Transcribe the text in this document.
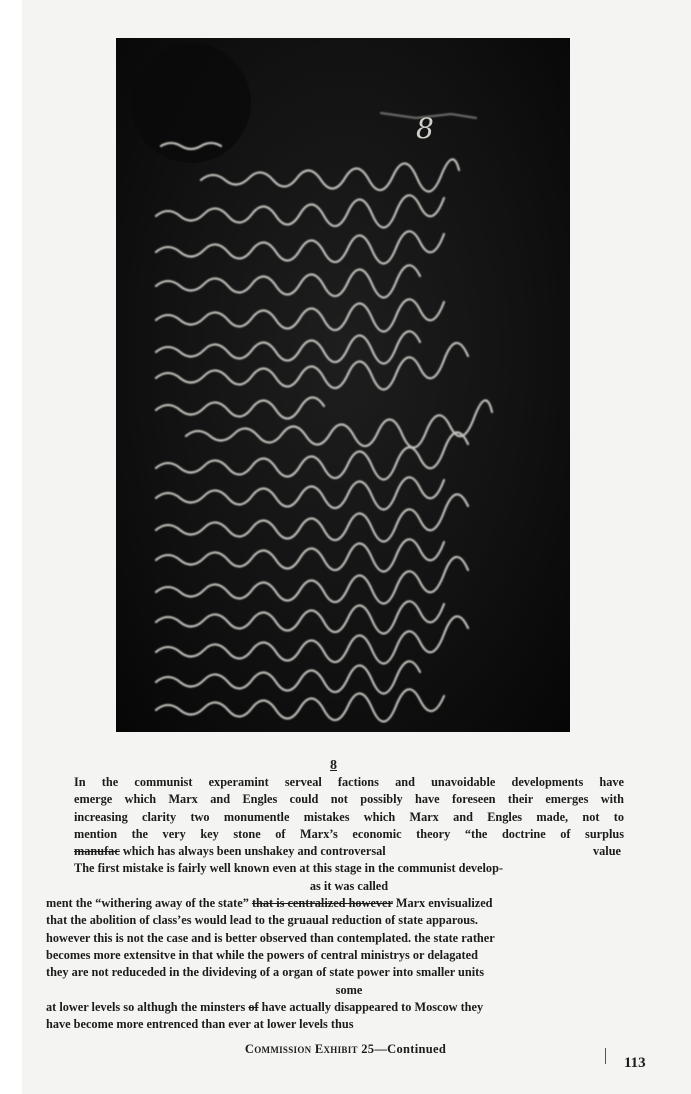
8
8
In the communist experamint serveal factions and unavoidable developments have
emerge which Marx and Engles could not possibly have foreseen their emerges with
increasing clarity two monumentle mistakes which Marx and Engles made, not to
mention the very key stone of Marx’s economic theory “the doctrine of surplus
manufac which has always been unshakey and controversal	value
The first mistake is fairly well known even at this stage in the communist develop-
as it was called
ment the “withering away of the state” that is centralized however Marx envisualized
that the abolition of class’es would lead to the gruaual reduction of state apparous.
however this is not the case and is better observed than contemplated. the state rather
becomes more extensitve in that while the powers of central ministrys or delagated
they are not reduceded in the divideving of a organ of state power into smaller units
some
at lower levels so althugh the minsters of have actually disappeared to Moscow they
have become more entrenced than ever at lower levels thus
Commission Exhibit 25—Continued
113
